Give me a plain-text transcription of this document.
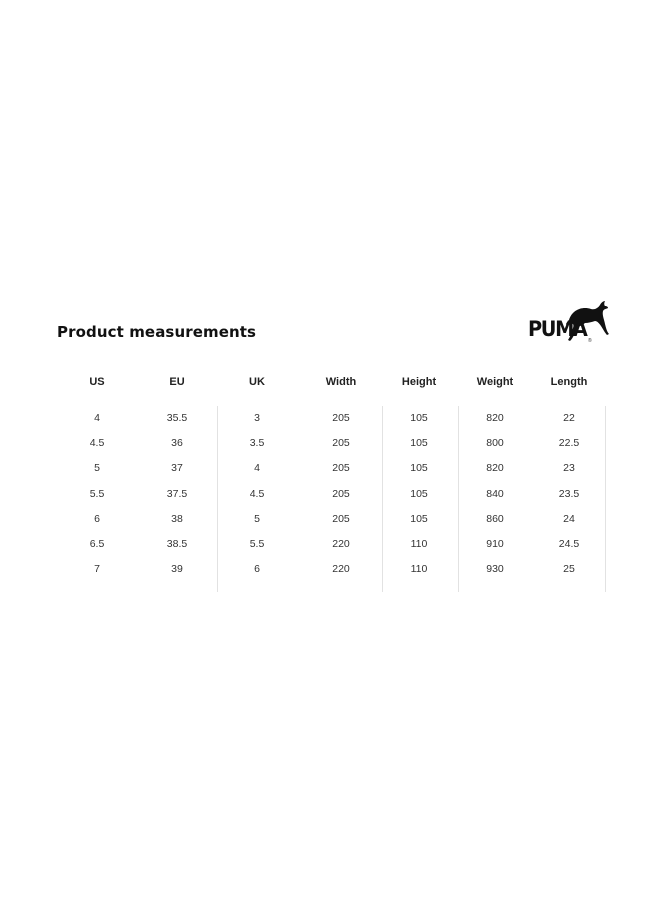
Product measurements	PUMA ®
US	EU	UK	Width	Height	Weight	Length
4	35.5	3	205	105	820	22
4.5	36	3.5	205	105	800	22.5
5	37	4	205	105	820	23
5.5	37.5	4.5	205	105	840	23.5
6	38	5	205	105	860	24
6.5	38.5	5.5	220	110	910	24.5
7	39	6	220	110	930	25
